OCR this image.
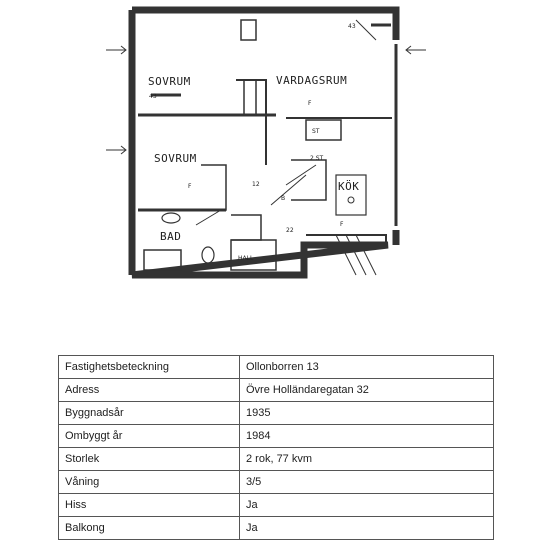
SOVRUM	VARDAGSRUM
SOVRUM
KÖK
BAD
HALL
43
43
F
F
F
ST
2 ST
B
12
22
Fastighetsbeteckning	Ollonborren 13
Adress	Övre Holländaregatan 32
Byggnadsår	1935
Ombyggt år	1984
Storlek	2 rok, 77 kvm
Våning	3/5
Hiss	Ja
Balkong	Ja
